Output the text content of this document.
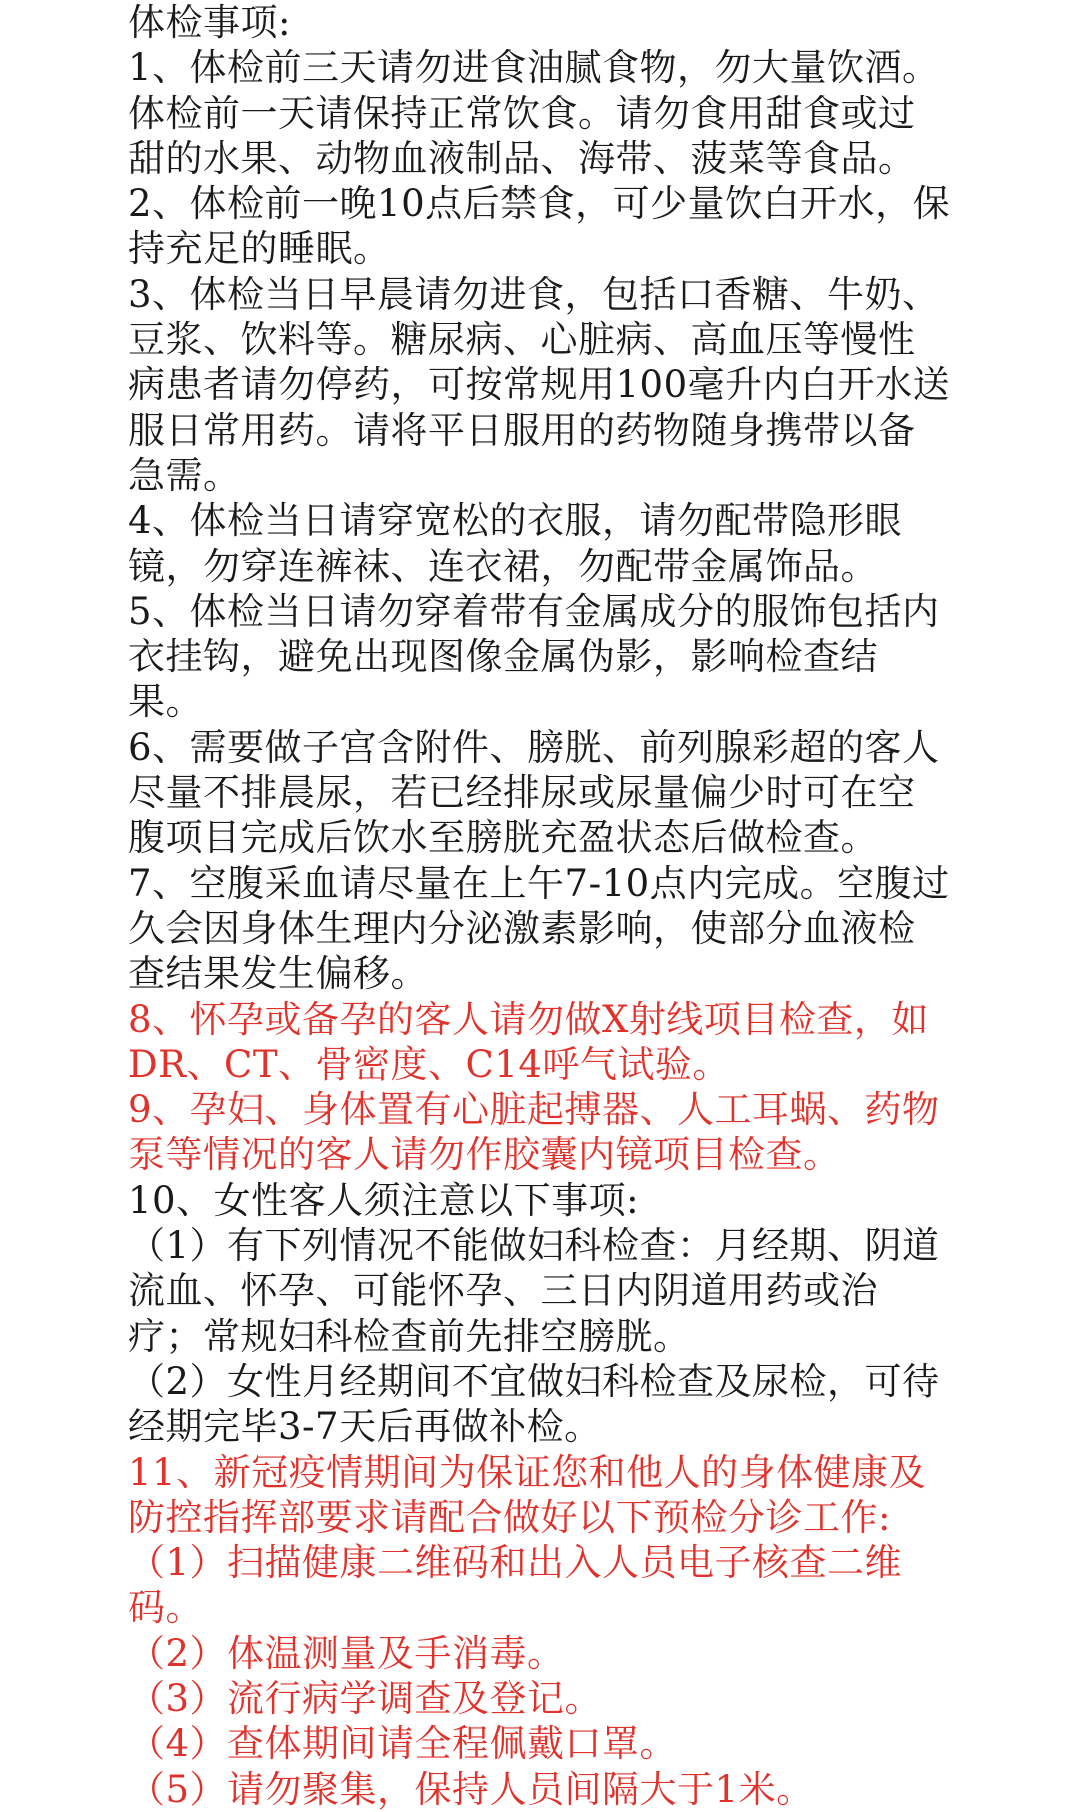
体检事项:
1、体检前三天请勿进食油腻食物，勿大量饮酒。
体检前一天请保持正常饮食。请勿食用甜食或过
甜的水果、动物血液制品、海带、菠菜等食品。
2、体检前一晚10点后禁食，可少量饮白开水，保
持充足的睡眠。
3、体检当日早晨请勿进食，包括口香糖、牛奶、
豆浆、饮料等。糖尿病、心脏病、高血压等慢性
病患者请勿停药，可按常规用100毫升内白开水送
服日常用药。请将平日服用的药物随身携带以备
急需。
4、体检当日请穿宽松的衣服，请勿配带隐形眼
镜，勿穿连裤袜、连衣裙，勿配带金属饰品。
5、体检当日请勿穿着带有金属成分的服饰包括内
衣挂钩，避免出现图像金属伪影，影响检查结
果。
6、需要做子宫含附件、膀胱、前列腺彩超的客人
尽量不排晨尿，若已经排尿或尿量偏少时可在空
腹项目完成后饮水至膀胱充盈状态后做检查。
7、空腹采血请尽量在上午7-10点内完成。空腹过
久会因身体生理内分泌激素影响，使部分血液检
查结果发生偏移。
8、怀孕或备孕的客人请勿做X射线项目检查，如
DR、CT、骨密度、C14呼气试验。
9、孕妇、身体置有心脏起搏器、人工耳蜗、药物
泵等情况的客人请勿作胶囊内镜项目检查。
10、女性客人须注意以下事项:
（1）有下列情况不能做妇科检查：月经期、阴道
流血、怀孕、可能怀孕、三日内阴道用药或治
疗；常规妇科检查前先排空膀胱。
（2）女性月经期间不宜做妇科检查及尿检，可待
经期完毕3-7天后再做补检。
11、新冠疫情期间为保证您和他人的身体健康及
防控指挥部要求请配合做好以下预检分诊工作:
（1）扫描健康二维码和出入人员电子核查二维
码。
（2）体温测量及手消毒。
（3）流行病学调查及登记。
（4）查体期间请全程佩戴口罩。
（5）请勿聚集，保持人员间隔大于1米。
